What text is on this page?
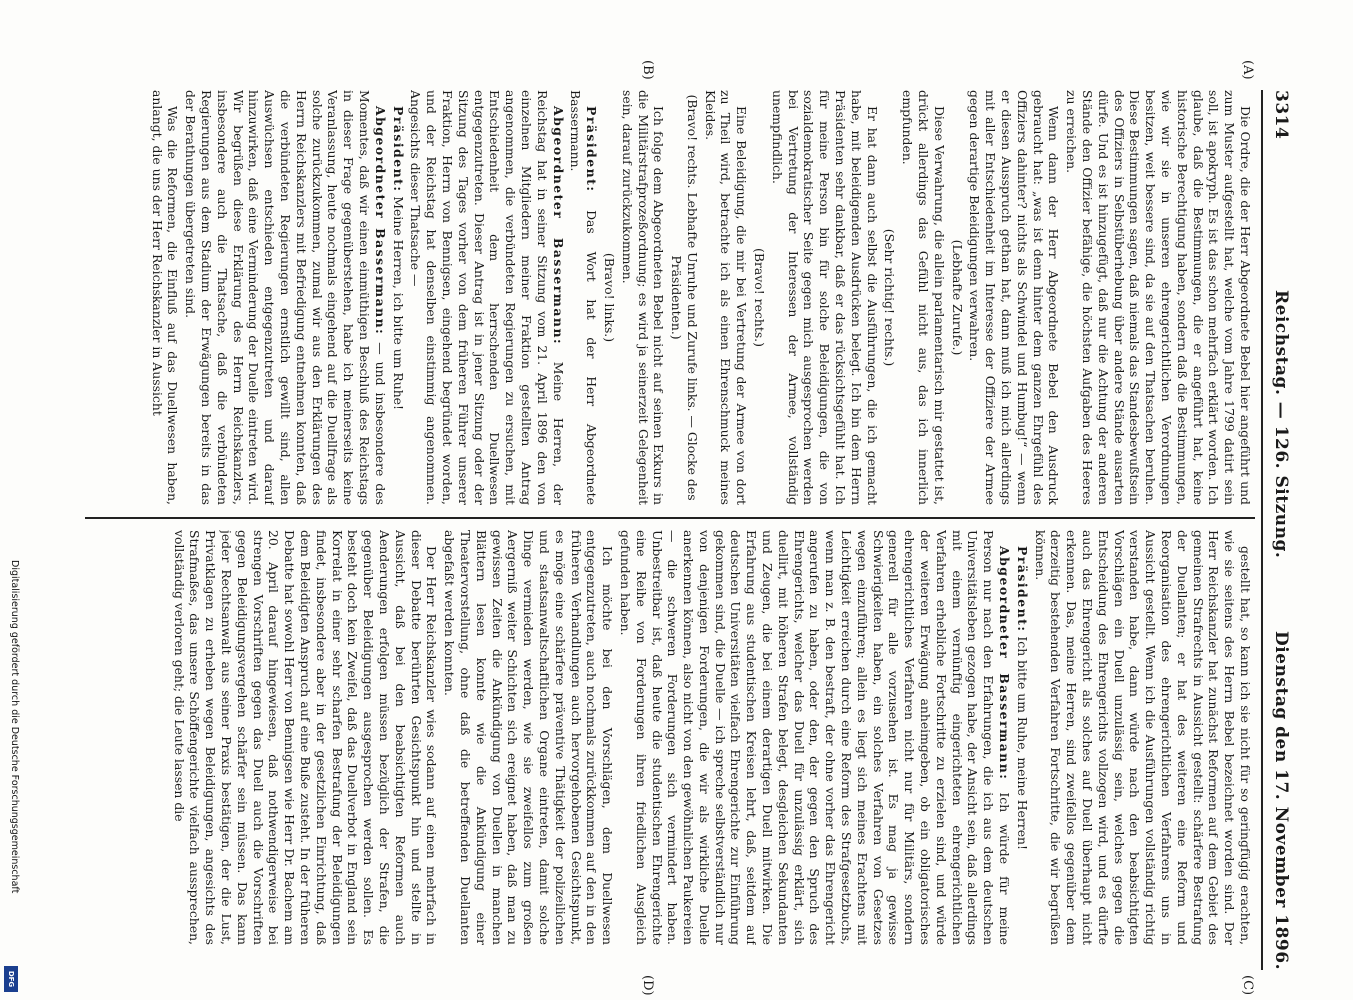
3314
Reichstag. — 126. Sitzung.
Dienstag den 17. November 1896.
(A)
(B)
(C)
(D)

Die Ordre, die der Herr Abgeordnete Bebel hier angeführt und zum Muster aufgestellt hat, welche vom Jahre 1799 datirt sein soll, ist apokryph. Es ist das schon mehrfach erklärt worden. Ich glaube, daß die Bestimmungen, die er angeführt hat, keine historische Berechtigung haben, sondern daß die Bestimmungen, wie wir sie in unseren ehrengerichtlichen Verordnungen besitzen, weit bessere sind, da sie auf den Thatsachen beruhen. Diese Bestimmungen sagen, daß niemals das Standesbewußtsein des Offiziers in Selbstüberhebung über andere Stände ausarten dürfe. Und es ist hinzugefügt, daß nur die Achtung der anderen Stände den Offizier befähige, die höchsten Aufgaben des Heeres zu erreichen.

Wenn dann der Herr Abgeordnete Bebel den Ausdruck gebraucht hat: „was ist denn hinter dem ganzen Ehrgefühl des Offiziers dahinter? nichts als Schwindel und Humbug!“ — wenn er diesen Ausspruch gethan hat, dann muß ich mich allerdings mit aller Entschiedenheit im Interesse der Offiziere der Armee gegen derartige Beleidigungen verwahren.

(Lebhafte Zurufe.)

Diese Verwahrung, die allein parlamentarisch mir gestattet ist, drückt allerdings das Gefühl nicht aus, das ich innerlich empfunden.

(Sehr richtig! rechts.)

Er hat dann auch selbst die Ausführungen, die ich gemacht habe, mit beleidigenden Ausdrücken belegt. Ich bin dem Herrn Präsidenten sehr dankbar, daß er das rücksichtsgefühlt hat. Ich für meine Person bin für solche Beleidigungen, die von sozialdemokratischer Seite gegen mich ausgesprochen werden bei Vertretung der Interessen der Armee, vollständig unempfindlich.

(Bravo! rechts.)

Eine Beleidigung, die mir bei Vertretung der Armee von dort zu Theil wird, betrachte ich als einen Ehrenschmuck meines Kleides.

(Bravo! rechts. Lebhafte Unruhe und Zurufe links. — Glocke des Präsidenten.)

Ich folge dem Abgeordneten Bebel nicht auf seinen Exkurs in die Militärstrafprozeßordnung; es wird ja seinerzeit Gelegenheit sein, darauf zurückzukommen.

(Bravo! links.)

Präsident: Das Wort hat der Herr Abgeordnete Bassermann.

Abgeordneter Bassermann: Meine Herren, der Reichstag hat in seiner Sitzung vom 21. April 1896 den von einzelnen Mitgliedern meiner Fraktion gestellten Antrag angenommen, die verbündeten Regierungen zu ersuchen, mit Entschiedenheit dem herrschenden Duellwesen entgegenzutreten. Dieser Antrag ist in jener Sitzung oder der Sitzung des Tages vorher von dem früheren Führer unserer Fraktion, Herrn von Bennigsen, eingehend begründet worden, und der Reichstag hat denselben einstimmig angenommen. Angesichts dieser Thatsache —

Präsident: Meine Herren, ich bitte um Ruhe!

Abgeordneter Bassermann: — und insbesondere des Momentes, daß wir einen einmüthigen Beschluß des Reichstags in dieser Frage gegenüberstehen, habe ich meinerseits keine Veranlassung, heute nochmals eingehend auf die Duellfrage als solche zurückzukommen, zumal wir aus den Erklärungen des Herrn Reichskanzlers mit Befriedigung entnehmen konnten, daß die verbündeten Regierungen ernstlich gewillt sind, allen Auswüchsen entschieden entgegenzutreten und darauf hinzuwirken, daß eine Verminderung der Duelle eintreten wird. Wir begrüßen diese Erklärung des Herrn Reichskanzlers, insbesondere auch die Thatsache, daß die verbündeten Regierungen aus dem Stadium der Erwägungen bereits in das der Berathungen übergetreten sind.

Was die Reformen, die Einfluß auf das Duellwesen haben, anlangt, die uns der Herr Reichskanzler in Aussicht

gestellt hat, so kann ich sie nicht für so geringfügig erachten, wie sie seitens des Herrn Bebel bezeichnet worden sind. Der Herr Reichskanzler hat zunächst Reformen auf dem Gebiet des gemeinen Strafrechts in Aussicht gestellt: schärfere Bestrafung der Duellanten; er hat des weiteren eine Reform und Reorganisation des ehrengerichtlichen Verfahrens uns in Aussicht gestellt. Wenn ich die Ausführungen vollständig richtig verstanden habe, dann würde nach den beabsichtigten Vorschlägen ein Duell unzulässig sein, welches gegen die Entscheidung des Ehrengerichts vollzogen wird, und es dürfte auch das Ehrengericht als solches auf Duell überhaupt nicht erkennen. Das, meine Herren, sind zweifellos gegenüber dem derzeitig bestehenden Verfahren Fortschritte, die wir begrüßen können.

Präsident: Ich bitte um Ruhe, meine Herren!

Abgeordneter Bassermann: Ich würde für meine Person nur nach den Erfahrungen, die ich aus dem deutschen Universitätsleben gezogen habe, der Ansicht sein, daß allerdings mit einem vernünftig eingerichteten ehrengerichtlichen Verfahren erhebliche Fortschritte zu erzielen sind, und würde der weiteren Erwägung anheimgeben, ob ein obligatorisches ehrengerichtliches Verfahren nicht nur für Militärs, sondern generell für alle vorzusehen ist. Es mag ja gewisse Schwierigkeiten haben, ein solches Verfahren von Gesetzes wegen einzuführen; allein es liegt sich meines Erachtens mit Leichtigkeit erreichen durch eine Reform des Strafgesetzbuchs, wenn man z. B. den bestraft, der ohne vorher das Ehrengericht angerufen zu haben, oder den, der gegen den Spruch des Ehrengerichts, welcher das Duell für unzulässig erklärt, sich duellirt, mit höheren Strafen belegt, desgleichen Sekundanten und Zeugen, die bei einem derartigen Duell mitwirken. Die Erfahrung aus studentischen Kreisen lehrt, daß, seitdem auf deutschen Universitäten vielfach Ehrengerichte zur Einführung gekommen sind, die Duelle — ich spreche selbstverständlich nur von denjenigen Forderungen, die wir als wirkliche Duelle anerkennen können, also nicht von den gewöhnlichen Paukereien — die schweren Forderungen sich vermindert haben. Unbestreitbar ist, daß heute die studentischen Ehrengerichte eine Reihe von Forderungen ihren friedlichen Ausgleich gefunden haben.

Ich möchte bei den Vorschlägen, dem Duellwesen entgegenzutreten, auch nochmals zurückkommen auf den in den früheren Verhandlungen auch hervorgehobenen Gesichtspunkt, es möge eine schärfere präventive Thätigkeit der polizeilichen und staatsanwaltschaftlichen Organe eintreten, damit solche Dinge vermieden werden, wie sie zweifellos zum großen Aergerniß weiter Schichten sich ereignet haben, daß man zu gewissen Zeiten die Ankündigung von Duellen in manchen Blättern lesen konnte wie die Ankündigung einer Theatervorstellung, ohne daß die betreffenden Duellanten abgefaßt werden konnten.

Der Herr Reichskanzler wies sodann auf einen mehrfach in dieser Debatte berührten Gesichtspunkt hin und stellte in Aussicht, daß bei den beabsichtigten Reformen auch Aenderungen erfolgen müssen bezüglich der Strafen, die gegenüber Beleidigungen ausgesprochen werden sollen. Es besteht doch kein Zweifel, daß das Duellverbot in England sein Korrelat in einer sehr scharfen Bestrafung der Beleidigungen findet, insbesondere aber in der gesetzlichen Einrichtung, daß dem Beleidigten Anspruch auf eine Buße zusteht. In der früheren Debatte hat sowohl Herr von Bennigsen wie Herr Dr. Bachem am 20. April darauf hingewiesen, daß nothwendigerweise bei strengen Vorschriften gegen das Duell auch die Vorschriften gegen Beleidigungsvergehen schärfer sein müssen. Das kann jeder Rechtsanwalt aus seiner Praxis bestätigen, der die Lust, Privatklagen zu erheben wegen Beleidigungen, angesichts des Strafmaßes, das unsere Schöffengerichte vielfach aussprechen, vollständig verloren geht; die Leute lassen die

Digitalisierung gefördert durch die Deutsche Forschungsgemeinschaft
DFG
